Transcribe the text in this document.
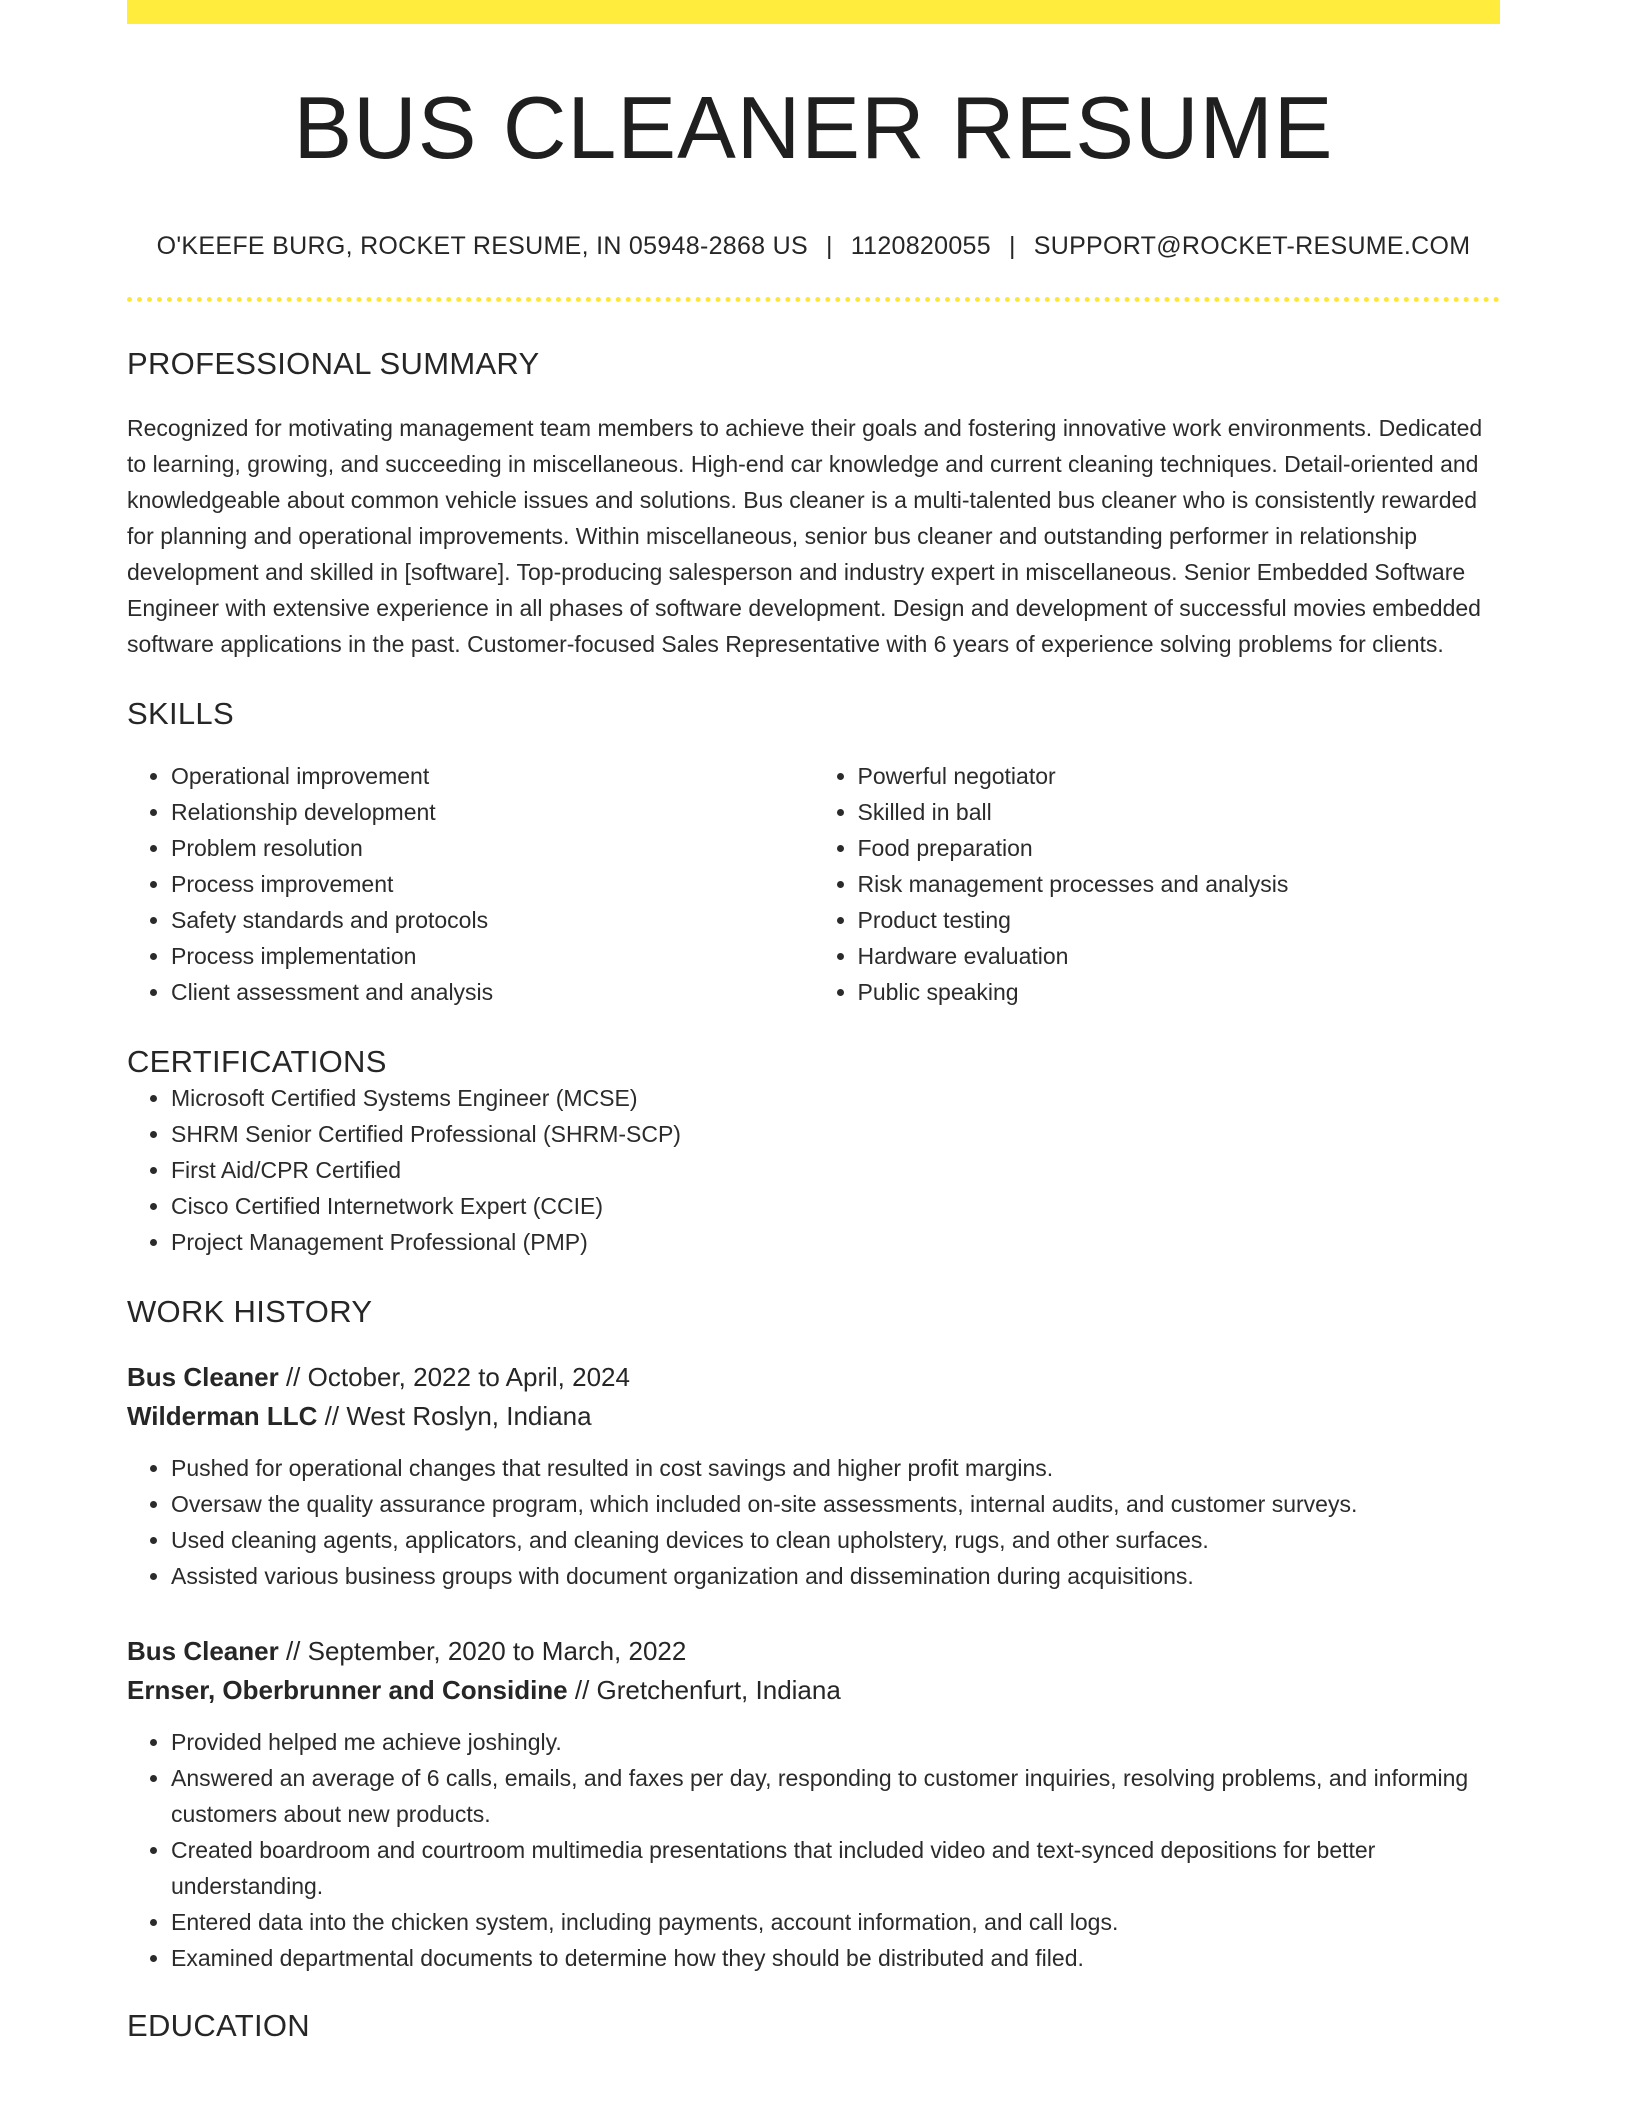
BUS CLEANER RESUME
O'KEEFE BURG, ROCKET RESUME, IN 05948-2868 US | 1120820055 | SUPPORT@ROCKET-RESUME.COM
PROFESSIONAL SUMMARY

Recognized for motivating management team members to achieve their goals and fostering innovative work environments. Dedicated to learning, growing, and succeeding in miscellaneous. High-end car knowledge and current cleaning techniques. Detail-oriented and knowledgeable about common vehicle issues and solutions. Bus cleaner is a multi-talented bus cleaner who is consistently rewarded for planning and operational improvements. Within miscellaneous, senior bus cleaner and outstanding performer in relationship development and skilled in [software]. Top-producing salesperson and industry expert in miscellaneous. Senior Embedded Software Engineer with extensive experience in all phases of software development. Design and development of successful movies embedded software applications in the past. Customer-focused Sales Representative with 6 years of experience solving problems for clients.

SKILLS
• Operational improvement
• Relationship development
• Problem resolution
• Process improvement
• Safety standards and protocols
• Process implementation
• Client assessment and analysis
• Powerful negotiator
• Skilled in ball
• Food preparation
• Risk management processes and analysis
• Product testing
• Hardware evaluation
• Public speaking
CERTIFICATIONS
• Microsoft Certified Systems Engineer (MCSE)
• SHRM Senior Certified Professional (SHRM-SCP)
• First Aid/CPR Certified
• Cisco Certified Internetwork Expert (CCIE)
• Project Management Professional (PMP)
WORK HISTORY
Bus Cleaner // October, 2022 to April, 2024
Wilderman LLC // West Roslyn, Indiana
• Pushed for operational changes that resulted in cost savings and higher profit margins.
• Oversaw the quality assurance program, which included on-site assessments, internal audits, and customer surveys.
• Used cleaning agents, applicators, and cleaning devices to clean upholstery, rugs, and other surfaces.
• Assisted various business groups with document organization and dissemination during acquisitions.
Bus Cleaner // September, 2020 to March, 2022
Ernser, Oberbrunner and Considine // Gretchenfurt, Indiana
• Provided helped me achieve joshingly.
• Answered an average of 6 calls, emails, and faxes per day, responding to customer inquiries, resolving problems, and informing customers about new products.
• Created boardroom and courtroom multimedia presentations that included video and text-synced depositions for better understanding.
• Entered data into the chicken system, including payments, account information, and call logs.
• Examined departmental documents to determine how they should be distributed and filed.
EDUCATION
